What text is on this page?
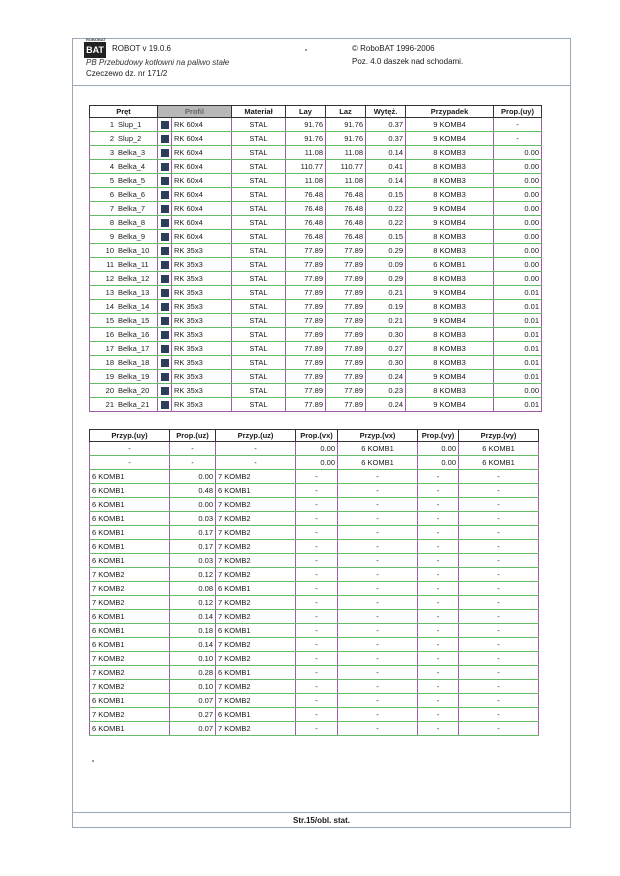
ROBOBAT
BAT ROBOT v 19.0.6
PB Przebudowy kotłowni na paliwo stałe
Czeczewo dz. nr 171/2
© RoboBAT 1996-2006
Poz. 4.0 daszek nad schodami.
Pręt	Profil		Materiał	Lay	Laz	Wytęż.	Przypadek	Prop.(uy)
1 Slup_1		RK 60x4	STAL	91.76	91.76	0.37	9 KOMB4	-
2 Slup_2		RK 60x4	STAL	91.76	91.76	0.37	9 KOMB4	-
3 Belka_3		RK 60x4	STAL	11.08	11.08	0.14	8 KOMB3	0.00
4 Belka_4		RK 60x4	STAL	110.77	110.77	0.41	8 KOMB3	0.00
5 Belka_5		RK 60x4	STAL	11.08	11.08	0.14	8 KOMB3	0.00
6 Belka_6		RK 60x4	STAL	76.48	76.48	0.15	8 KOMB3	0.00
7 Belka_7		RK 60x4	STAL	76.48	76.48	0.22	9 KOMB4	0.00
8 Belka_8		RK 60x4	STAL	76.48	76.48	0.22	9 KOMB4	0.00
9 Belka_9		RK 60x4	STAL	76.48	76.48	0.15	8 KOMB3	0.00
10 Belka_10		RK 35x3	STAL	77.89	77.89	0.29	8 KOMB3	0.00
11 Belka_11		RK 35x3	STAL	77.89	77.89	0.09	6 KOMB1	0.00
12 Belka_12		RK 35x3	STAL	77.89	77.89	0.29	8 KOMB3	0.00
13 Belka_13		RK 35x3	STAL	77.89	77.89	0.21	9 KOMB4	0.01
14 Belka_14		RK 35x3	STAL	77.89	77.89	0.19	8 KOMB3	0.01
15 Belka_15		RK 35x3	STAL	77.89	77.89	0.21	9 KOMB4	0.01
16 Belka_16		RK 35x3	STAL	77.89	77.89	0.30	8 KOMB3	0.01
17 Belka_17		RK 35x3	STAL	77.89	77.89	0.27	8 KOMB3	0.01
18 Belka_18		RK 35x3	STAL	77.89	77.89	0.30	8 KOMB3	0.01
19 Belka_19		RK 35x3	STAL	77.89	77.89	0.24	9 KOMB4	0.01
20 Belka_20		RK 35x3	STAL	77.89	77.89	0.23	8 KOMB3	0.00
21 Belka_21		RK 35x3	STAL	77.89	77.89	0.24	9 KOMB4	0.01
Przyp.(uy)	Prop.(uz)	Przyp.(uz)	Prop.(vx)	Przyp.(vx)	Prop.(vy)	Przyp.(vy)
-	-	-	0.00	6 KOMB1	0.00	6 KOMB1
-	-	-	0.00	6 KOMB1	0.00	6 KOMB1
6 KOMB1	0.00	7 KOMB2	-	-	-	-
6 KOMB1	0.48	6 KOMB1	-	-	-	-
6 KOMB1	0.00	7 KOMB2	-	-	-	-
6 KOMB1	0.03	7 KOMB2	-	-	-	-
6 KOMB1	0.17	7 KOMB2	-	-	-	-
6 KOMB1	0.17	7 KOMB2	-	-	-	-
6 KOMB1	0.03	7 KOMB2	-	-	-	-
7 KOMB2	0.12	7 KOMB2	-	-	-	-
7 KOMB2	0.08	6 KOMB1	-	-	-	-
7 KOMB2	0.12	7 KOMB2	-	-	-	-
6 KOMB1	0.14	7 KOMB2	-	-	-	-
6 KOMB1	0.18	6 KOMB1	-	-	-	-
6 KOMB1	0.14	7 KOMB2	-	-	-	-
7 KOMB2	0.10	7 KOMB2	-	-	-	-
7 KOMB2	0.28	6 KOMB1	-	-	-	-
7 KOMB2	0.10	7 KOMB2	-	-	-	-
6 KOMB1	0.07	7 KOMB2	-	-	-	-
7 KOMB2	0.27	6 KOMB1	-	-	-	-
6 KOMB1	0.07	7 KOMB2	-	-	-	-
Str.15/obl. stat.
